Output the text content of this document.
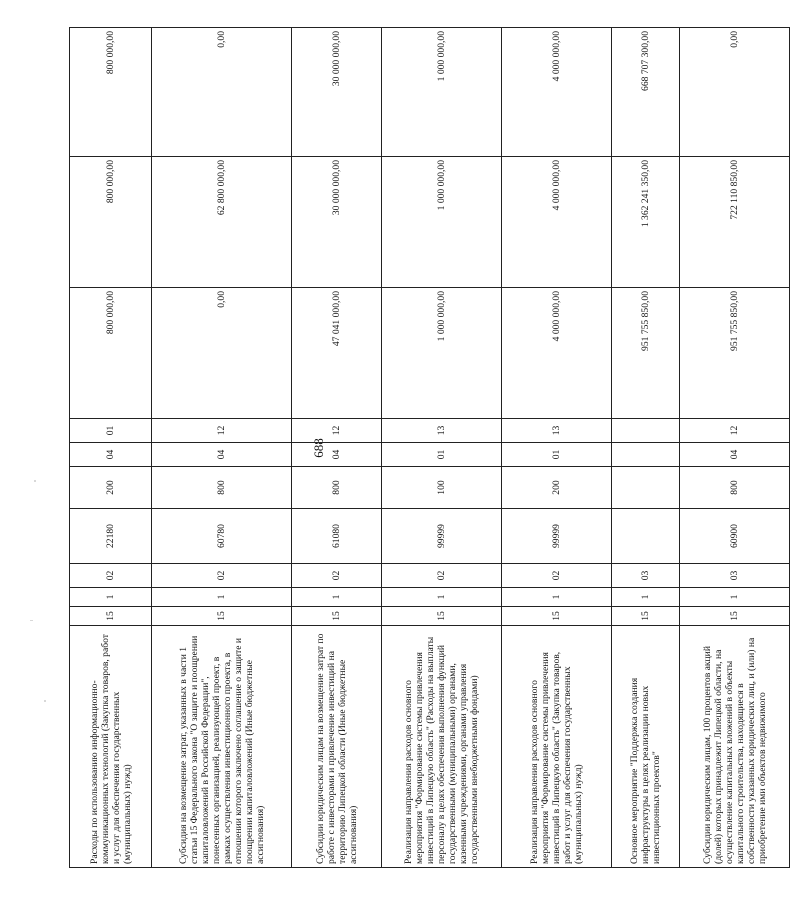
688
Расходы по использованию информационно-коммуникационных технологий (Закупка товаров, работ и услуг для обеспечения государственных (муниципальных) нужд)	15	1	02	22180	200	04	01	800 000,00	800 000,00	800 000,00
Субсидия на возмещение затрат, указанных в части 1 статьи 15 Федерального закона "О защите и поощрении капиталовложений в Российской Федерации", понесенных организацией, реализующей проект, в рамках осуществления инвестиционного проекта, в отношении которого заключено соглашение о защите и поощрении капиталовложений (Иные бюджетные ассигнования)	15	1	02	60780	800	04	12	0,00	62 800 000,00	0,00
Субсидии юридическим лицам на возмещение затрат по работе с инвесторами и привлечение инвестиций на территорию Липецкой области (Иные бюджетные ассигнования)	15	1	02	61080	800	04	12	47 041 000,00	30 000 000,00	30 000 000,00
Реализация направления расходов основного мероприятия "Формирование системы привлечения инвестиций в Липецкую область" (Расходы на выплаты персоналу в целях обеспечения выполнения функций государственными (муниципальными) органами, казенными учреждениями, органами управления государственными внебюджетными фондами)	15	1	02	99999	100	01	13	1 000 000,00	1 000 000,00	1 000 000,00
Реализация направления расходов основного мероприятия "Формирование системы привлечения инвестиций в Липецкую область" (Закупка товаров, работ и услуг для обеспечения государственных (муниципальных) нужд)	15	1	02	99999	200	01	13	4 000 000,00	4 000 000,00	4 000 000,00
Основное мероприятие "Поддержка создания инфраструктуры в целях реализации новых инвестиционных проектов"	15	1	03					951 755 850,00	1 362 241 350,00	668 707 300,00
Субсидии юридическим лицам, 100 процентов акций (долей) которых принадлежит Липецкой области, на осуществление капитальных вложений в объекты капитального строительства, находящиеся в собственности указанных юридических лиц, и (или) на приобретение ими объектов недвижимого	15	1	03	60900	800	04	12	951 755 850,00	722 110 850,00	0,00
